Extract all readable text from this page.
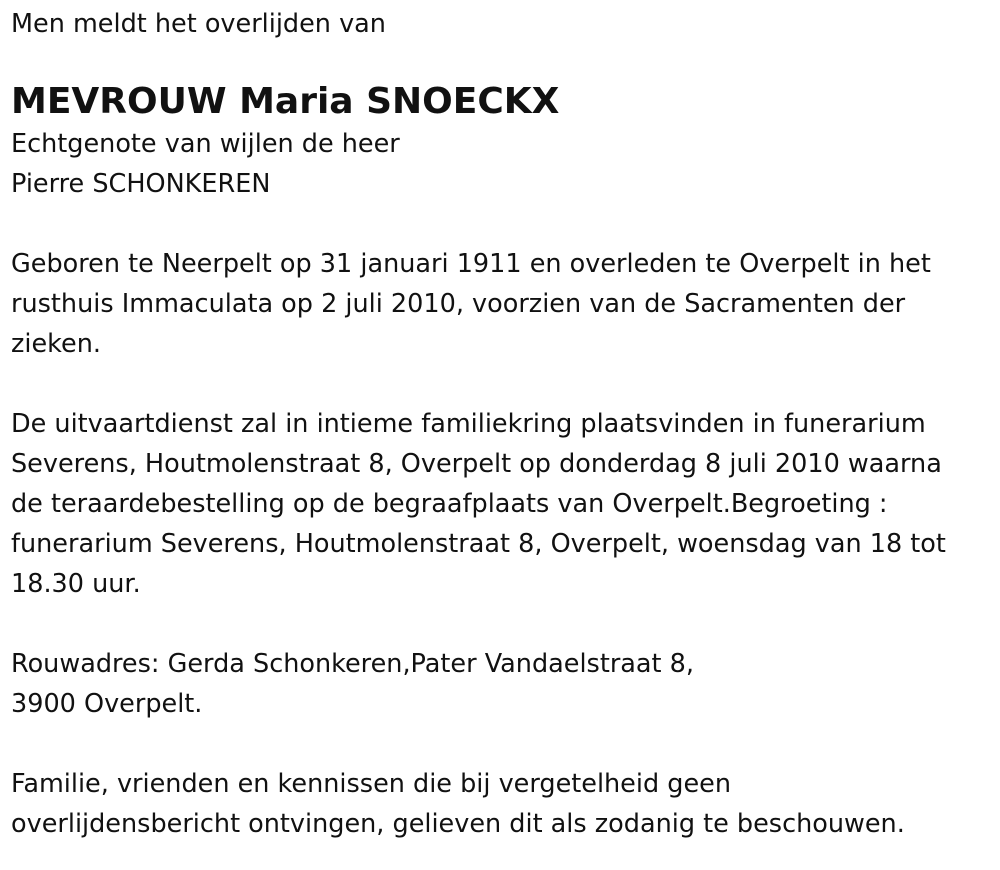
Men meldt het overlijden van

MEVROUW Maria SNOECKX

Echtgenote van wijlen de heer
Pierre SCHONKEREN
Geboren te Neerpelt op 31 januari 1911 en overleden te Overpelt in het
rusthuis Immaculata op 2 juli 2010, voorzien van de Sacramenten der
zieken.
De uitvaartdienst zal in intieme familiekring plaatsvinden in funerarium
Severens, Houtmolenstraat 8, Overpelt op donderdag 8 juli 2010 waarna
de teraardebestelling op de begraafplaats van Overpelt.Begroeting :
funerarium Severens, Houtmolenstraat 8, Overpelt, woensdag van 18 tot
18.30 uur.
Rouwadres: Gerda Schonkeren,Pater Vandaelstraat 8,
3900 Overpelt.
Familie, vrienden en kennissen die bij vergetelheid geen
overlijdensbericht ontvingen, gelieven dit als zodanig te beschouwen.
